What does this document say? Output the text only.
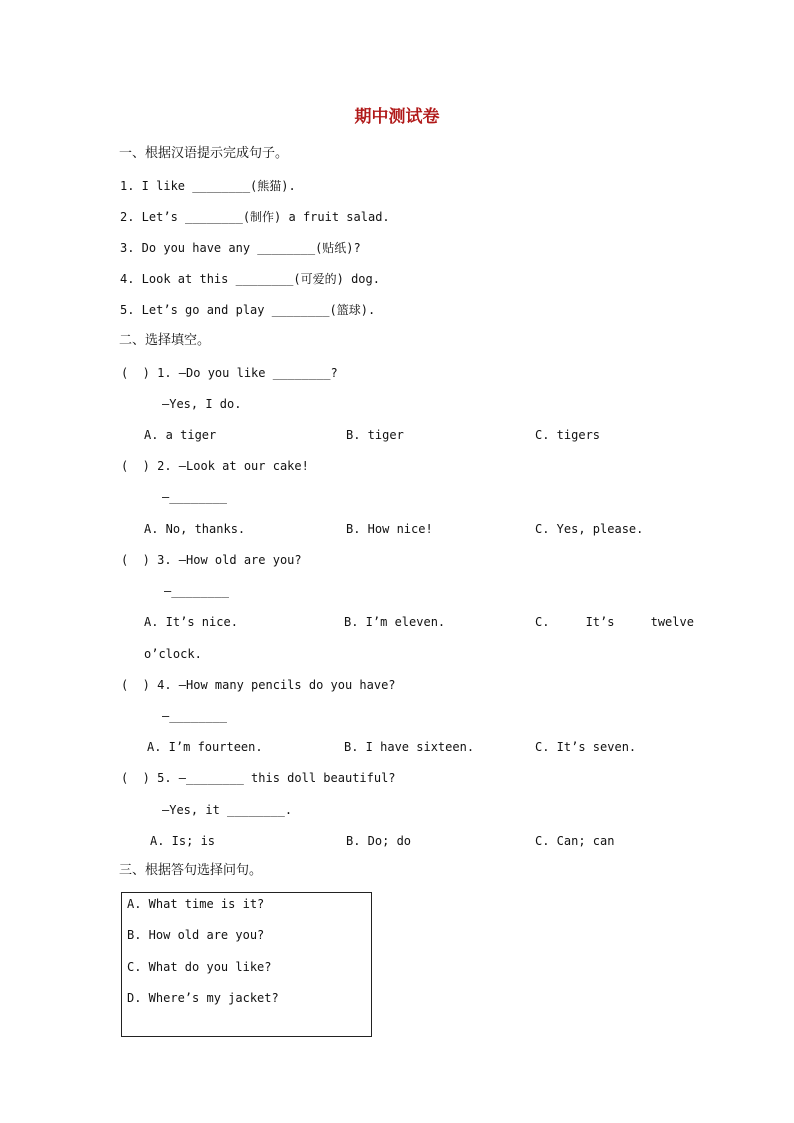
期中测试卷
一、根据汉语提示完成句子。
1. I like ________(熊猫).
2. Let’s ________(制作) a fruit salad.
3. Do you have any ________(贴纸)?
4. Look at this ________(可爱的) dog.
5. Let’s go and play ________(篮球).
二、选择填空。
(  ) 1. —Do you like ________?
—Yes, I do.
A. a tiger	B. tiger	C. tigers
(  ) 2. —Look at our cake!
—________
A. No, thanks.	B. How nice!	C. Yes, please.
(  ) 3. —How old are you?
—________
A. It’s nice.	B. I’m eleven.	C.     It’s     twelve
o’clock.
(  ) 4. —How many pencils do you have?
—________
A. I’m fourteen.	B. I have sixteen.	C. It’s seven.
(  ) 5. —________ this doll beautiful?
—Yes, it ________.
A. Is; is	B. Do; do	C. Can; can
三、根据答句选择问句。
A. What time is it?
B. How old are you?
C. What do you like?
D. Where’s my jacket?
